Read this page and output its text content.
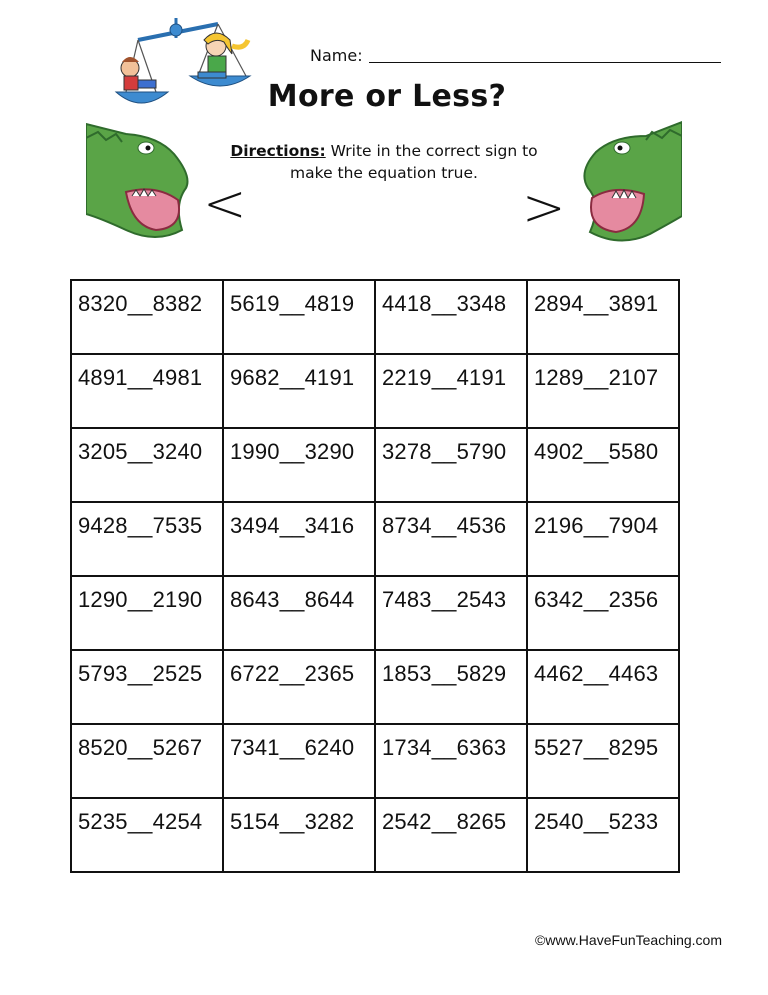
Name:
More or Less?
<
Directions: Write in the correct sign to make the equation true.
>
8320__8382	5619__4819	4418__3348	2894__3891
4891__4981	9682__4191	2219__4191	1289__2107
3205__3240	1990__3290	3278__5790	4902__5580
9428__7535	3494__3416	8734__4536	2196__7904
1290__2190	8643__8644	7483__2543	6342__2356
5793__2525	6722__2365	1853__5829	4462__4463
8520__5267	7341__6240	1734__6363	5527__8295
5235__4254	5154__3282	2542__8265	2540__5233
©www.HaveFunTeaching.com
